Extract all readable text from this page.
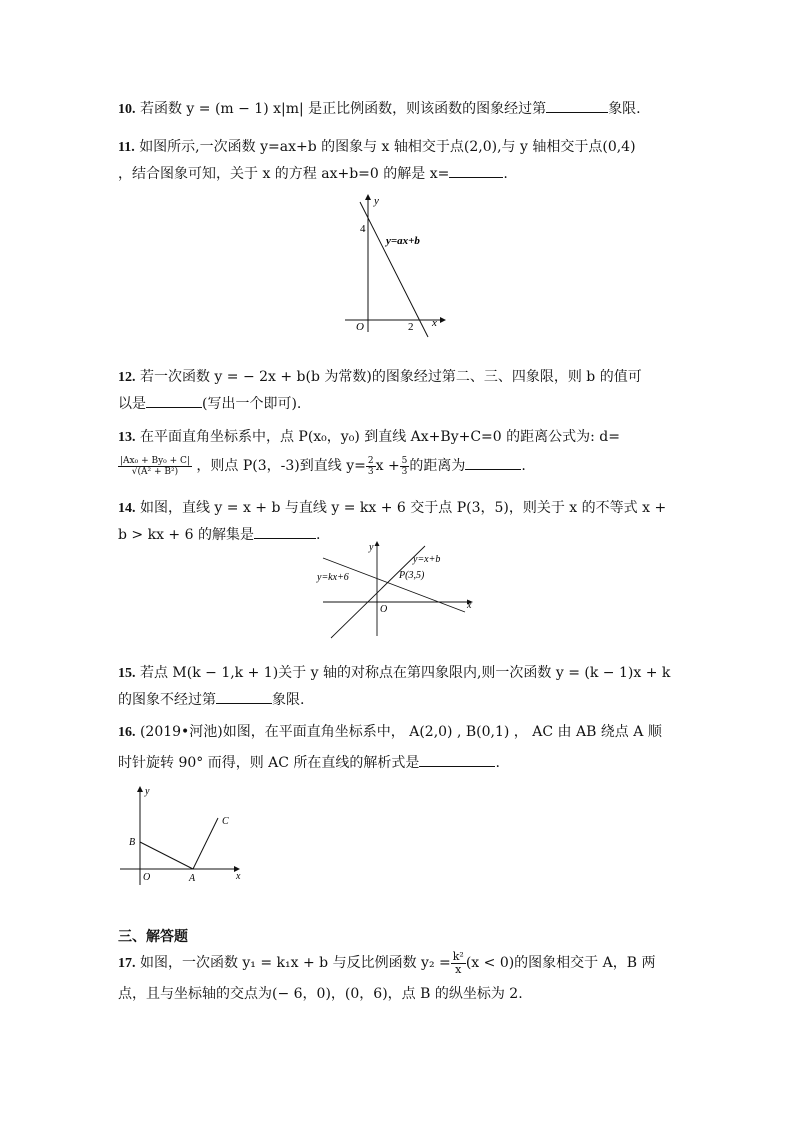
10. 若函数 y = (m − 1) x|m| 是正比例函数，则该函数的图象经过第	象限.
11. 如图所示,一次函数 y=ax+b 的图象与 x 轴相交于点(2,0),与 y 轴相交于点(0,4)
，结合图象可知，关于 x 的方程 ax+b=0 的解是 x=	.
y
x
O
4
2
y=ax+b
12. 若一次函数 y = − 2x + b(b 为常数)的图象经过第二、三、四象限，则 b 的值可
以是	(写出一个即可).
13. 在平面直角坐标系中，点 P(x₀，y₀) 到直线 Ax+By+C=0 的距离公式为: d=
$\frac{\text{|Ax₀ + By₀ + C|}}{\text{√(A² + B²)}}$ ，则点 P(3，-3)到直线 $y= \frac{2}{3}$ $x + \frac{5}{3}$ 的距离为	.
14. 如图，直线 y = x + b 与直线 y = kx + 6 交于点 P(3，5)，则关于 x 的不等式 x +
b > kx + 6 的解集是	.
y
x
O
y=x+b
y=kx+6	P(3,5)
15. 若点 M(k − 1,k + 1)关于 y 轴的对称点在第四象限内,则一次函数 y = (k − 1)x + k
的图象不经过第	象限.
16. (2019•河池)如图，在平面直角坐标系中， A(2,0) , B(0,1) ， AC 由 AB 绕点 A 顺
时针旋转 90° 而得，则 AC 所在直线的解析式是	.
y
x
O	A
B
C
三、解答题
17. 如图，一次函数 y₁ = k₁x + b 与反比例函数 $y_2 = \frac{\text{k²}}{x} (x < 0)$的图象相交于 A，B 两
点，且与坐标轴的交点为(− 6，0)，(0，6)，点 B 的纵坐标为 2.
